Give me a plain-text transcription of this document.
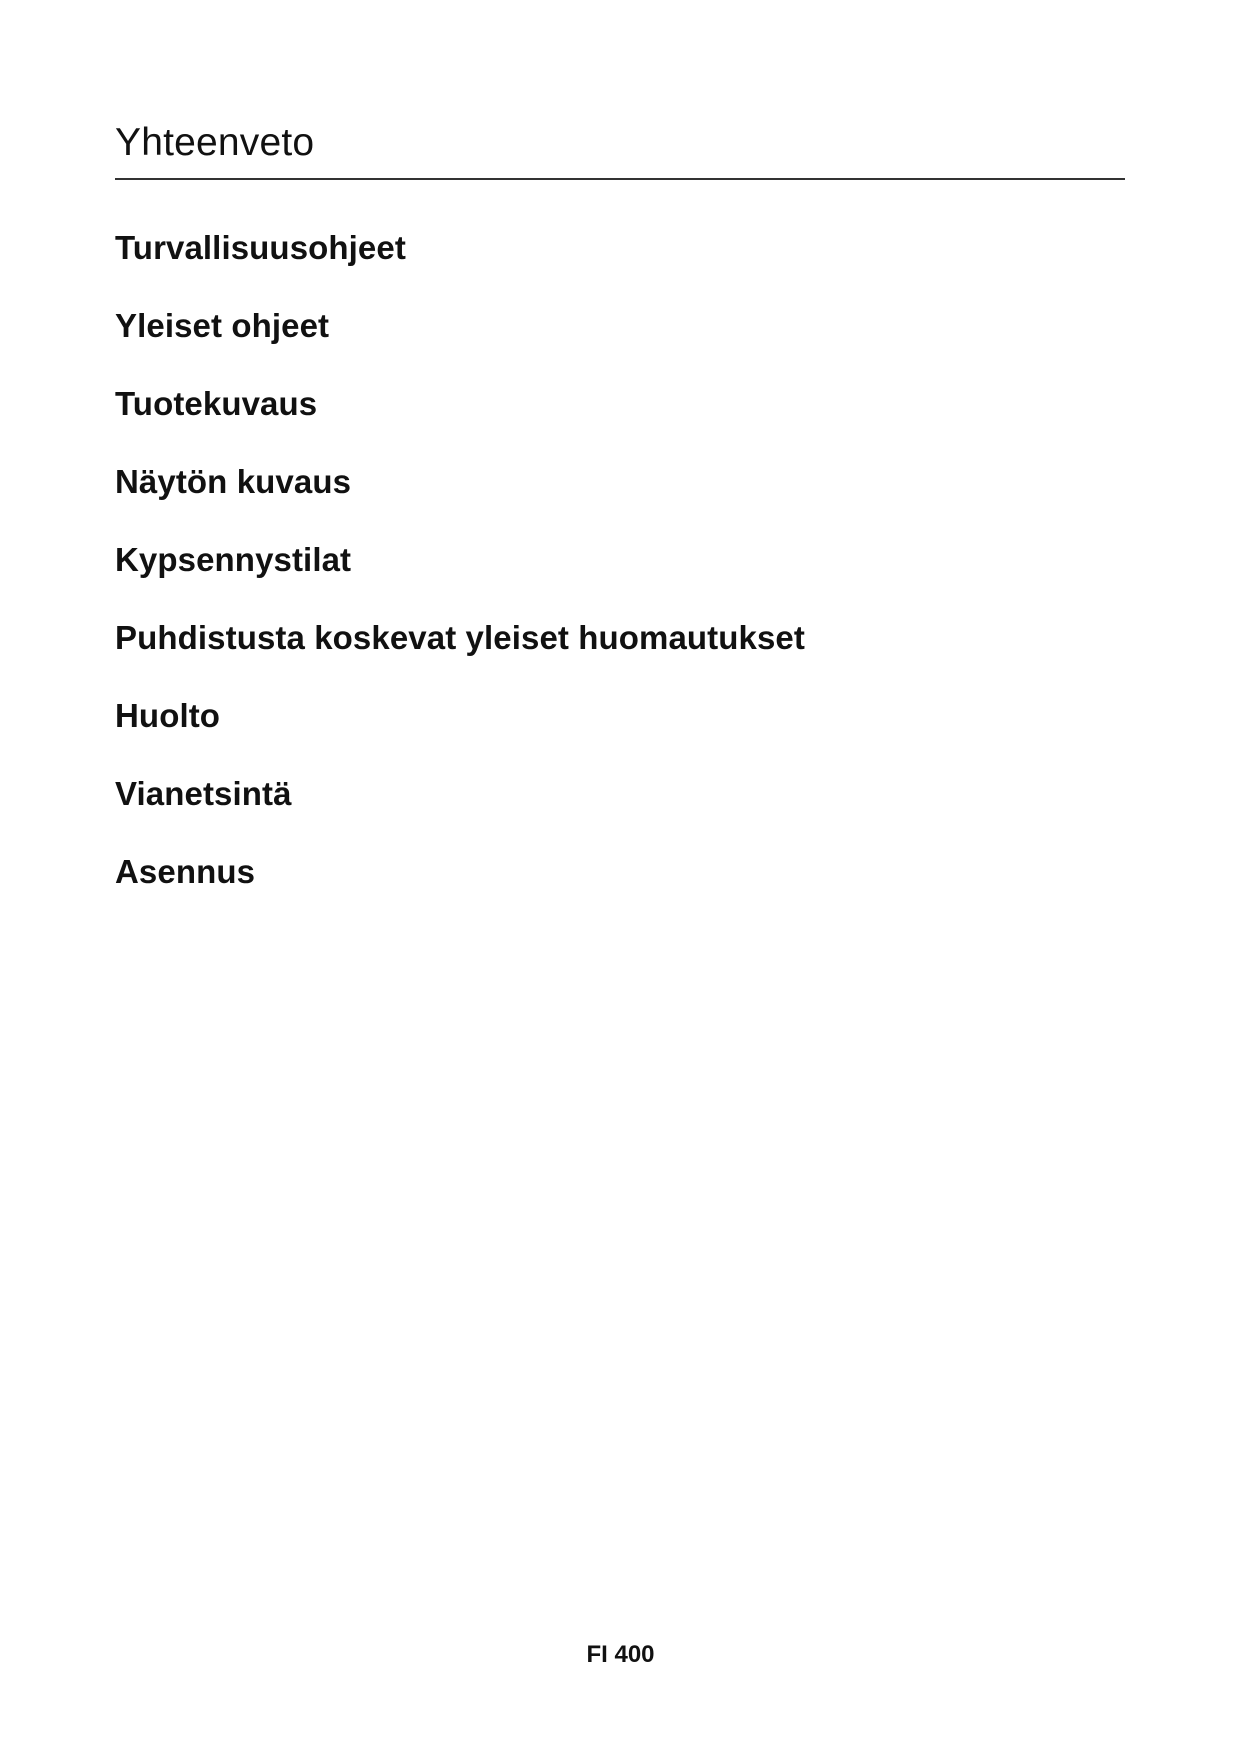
Yhteenveto
Turvallisuusohjeet
Yleiset ohjeet
Tuotekuvaus
Näytön kuvaus
Kypsennystilat
Puhdistusta koskevat yleiset huomautukset
Huolto
Vianetsintä
Asennus
FI 400
